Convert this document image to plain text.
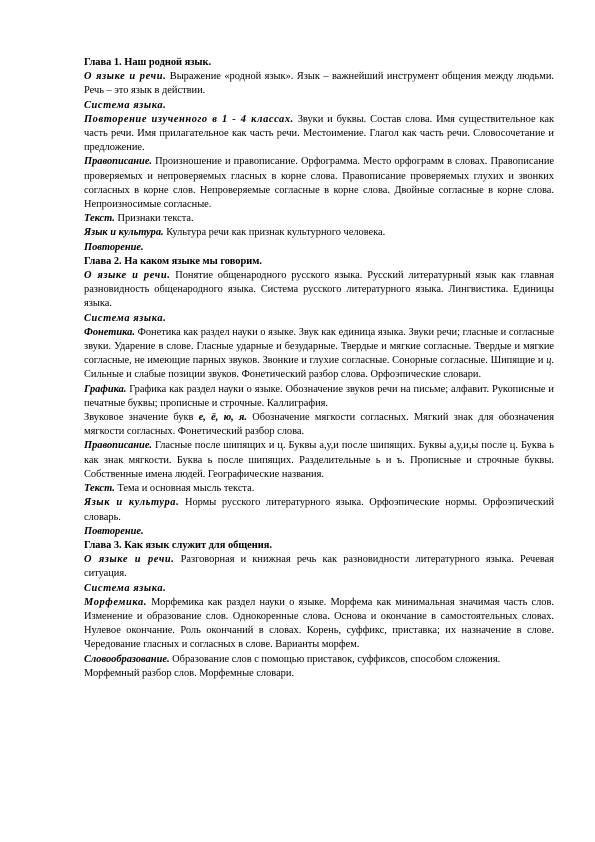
Глава 1. Наш родной язык.

О языке и речи. Выражение «родной язык». Язык – важнейший инструмент общения между людьми. Речь – это язык в действии.

Система языка.

Повторение изученного в 1 - 4 классах. Звуки и буквы. Состав слова. Имя существительное как часть речи. Имя прилагательное как часть речи. Местоимение. Глагол как часть речи. Словосочетание и предложение.

Правописание. Произношение и правописание. Орфограмма. Место орфограмм в словах. Правописание проверяемых и непроверяемых гласных в корне слова. Правописание проверяемых глухих и звонких согласных в корне слов. Непроверяемые согласные в корне слова. Двойные согласные в корне слова. Непроизносимые согласные.

Текст. Признаки текста.

Язык и культура. Культура речи как признак культурного человека.

Повторение.

Глава 2. На каком языке мы говорим.

О языке и речи. Понятие общенародного русского языка. Русский литературный язык как главная разновидность общенародного языка. Система русского литературного языка. Лингвистика. Единицы языка.

Система языка.

Фонетика. Фонетика как раздел науки о языке. Звук как единица языка. Звуки речи; гласные и согласные звуки. Ударение в слове. Гласные ударные и безударные. Твердые и мягкие согласные. Твердые и мягкие согласные, не имеющие парных звуков. Звонкие и глухие согласные. Сонорные согласные. Шипящие и ц. Сильные и слабые позиции звуков. Фонетический разбор слова. Орфоэпические словари.

Графика. Графика как раздел науки о языке. Обозначение звуков речи на письме; алфавит. Рукописные и печатные буквы; прописные и строчные. Каллиграфия.

Звуковое значение букв е, ё, ю, я. Обозначение мягкости согласных. Мягкий знак для обозначения мягкости согласных. Фонетический разбор слова.

Правописание. Гласные после шипящих и ц. Буквы а,у,и после шипящих. Буквы а,у,и,ы после ц. Буква ь как знак мягкости. Буква ь после шипящих. Разделительные ь и ъ. Прописные и строчные буквы. Собственные имена людей. Географические названия.

Текст. Тема и основная мысль текста.

Язык и культура. Нормы русского литературного языка. Орфоэпические нормы. Орфоэпический словарь.

Повторение.

Глава 3. Как язык служит для общения.

О языке и речи. Разговорная и книжная речь как разновидности литературного языка. Речевая ситуация.

Система языка.

Морфемика. Морфемика как раздел науки о языке. Морфема как минимальная значимая часть слов. Изменение и образование слов. Однокоренные слова. Основа и окончание в самостоятельных словах. Нулевое окончание. Роль окончаний в словах. Корень, суффикс, приставка; их назначение в слове. Чередование гласных и согласных в слове. Варианты морфем.

Словообразование. Образование слов с помощью приставок, суффиксов, способом сложения.

Морфемный разбор слов. Морфемные словари.
